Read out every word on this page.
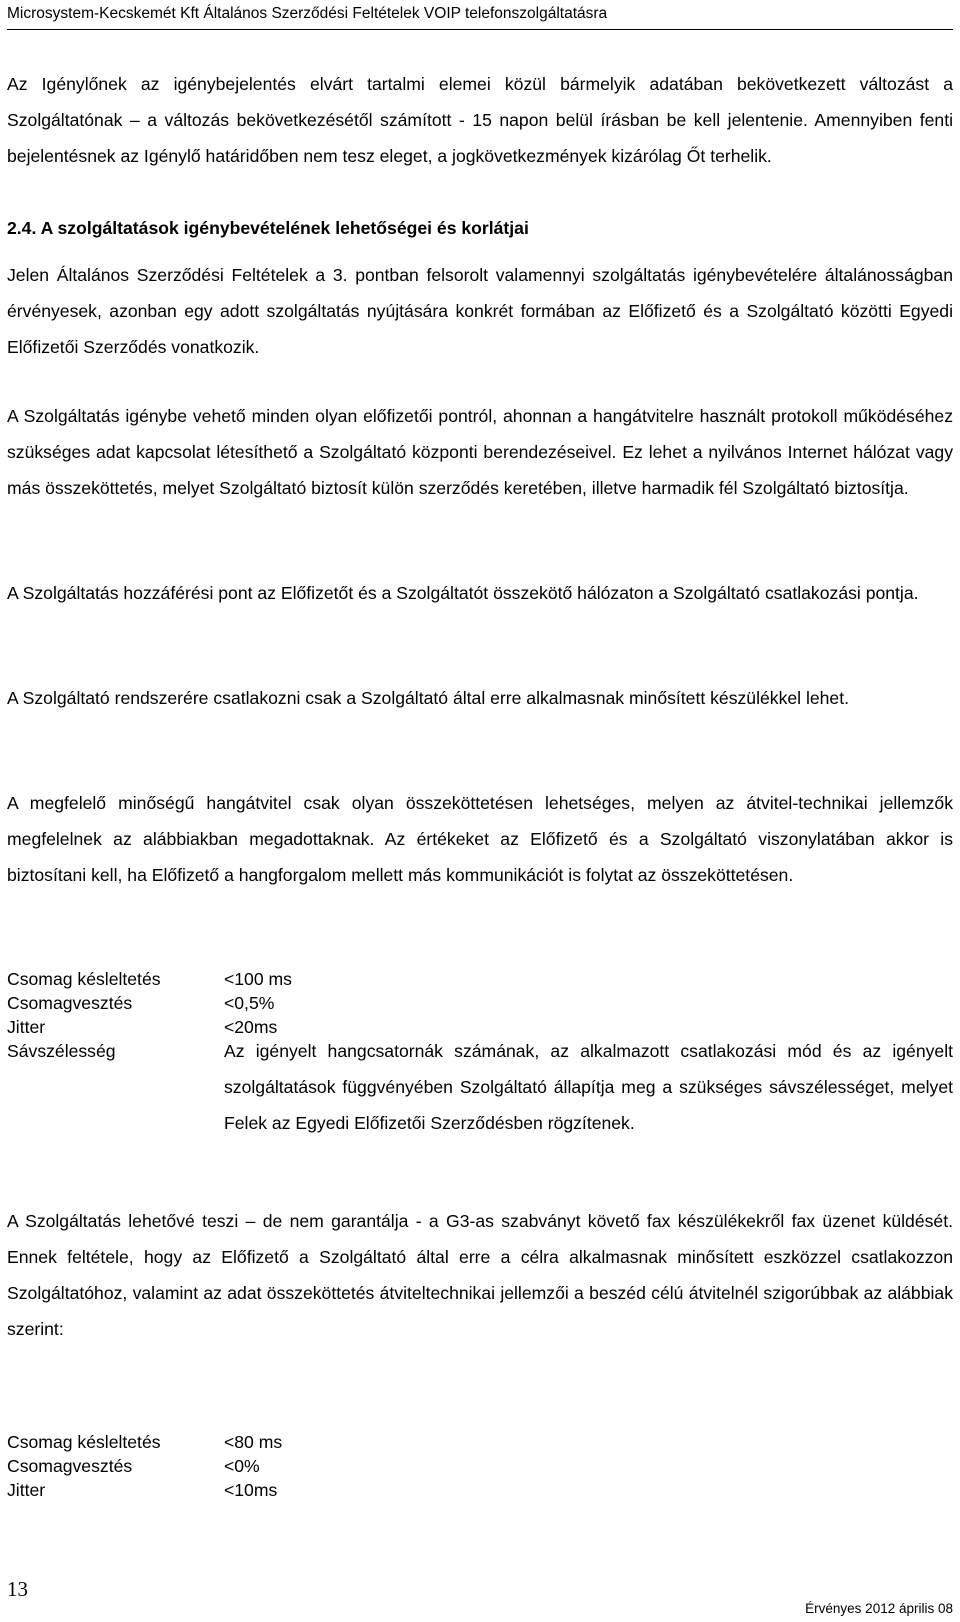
Microsystem-Kecskemét Kft Általános Szerződési Feltételek VOIP telefonszolgáltatásra

Az Igénylőnek az igénybejelentés elvárt tartalmi elemei közül bármelyik adatában bekövetkezett változást a Szolgáltatónak – a változás bekövetkezésétől számított - 15 napon belül írásban be kell jelentenie. Amennyiben fenti bejelentésnek az Igénylő határidőben nem tesz eleget, a jogkövetkezmények kizárólag Őt terhelik.

2.4. A szolgáltatások igénybevételének lehetőségei és korlátjai

Jelen Általános Szerződési Feltételek a 3. pontban felsorolt valamennyi szolgáltatás igénybevételére általánosságban érvényesek, azonban egy adott szolgáltatás nyújtására konkrét formában az Előfizető és a Szolgáltató közötti Egyedi Előfizetői Szerződés vonatkozik.

A Szolgáltatás igénybe vehető minden olyan előfizetői pontról, ahonnan a hangátvitelre használt protokoll működéséhez szükséges adat kapcsolat létesíthető a Szolgáltató központi berendezéseivel. Ez lehet a nyilvános Internet hálózat vagy más összeköttetés, melyet Szolgáltató biztosít külön szerződés keretében, illetve harmadik fél Szolgáltató biztosítja.

A Szolgáltatás hozzáférési pont az Előfizetőt és a Szolgáltatót összekötő hálózaton a Szolgáltató csatlakozási pontja.

A Szolgáltató rendszerére csatlakozni csak a Szolgáltató által erre alkalmasnak minősített készülékkel lehet.

A megfelelő minőségű hangátvitel csak olyan összeköttetésen lehetséges, melyen az átvitel-technikai jellemzők megfelelnek az alábbiakban megadottaknak. Az értékeket az Előfizető és a Szolgáltató viszonylatában akkor is biztosítani kell, ha Előfizető a hangforgalom mellett más kommunikációt is folytat az összeköttetésen.

Csomag késleltetés	<100 ms
Csomagvesztés	<0,5%
Jitter	<20ms
Sávszélesség	Az igényelt hangcsatornák számának, az alkalmazott csatlakozási mód és az igényelt szolgáltatások függvényében Szolgáltató állapítja meg a szükséges sávszélességet, melyet Felek az Egyedi Előfizetői Szerződésben rögzítenek.

A Szolgáltatás lehetővé teszi – de nem garantálja - a G3-as szabványt követő fax készülékekről fax üzenet küldését. Ennek feltétele, hogy az Előfizető a Szolgáltató által erre a célra alkalmasnak minősített eszközzel csatlakozzon Szolgáltatóhoz, valamint az adat összeköttetés átviteltechnikai jellemzői a beszéd célú átvitelnél szigorúbbak az alábbiak szerint:

Csomag késleltetés	<80 ms
Csomagvesztés	<0%
Jitter	<10ms
13
Érvényes 2012 április 08
